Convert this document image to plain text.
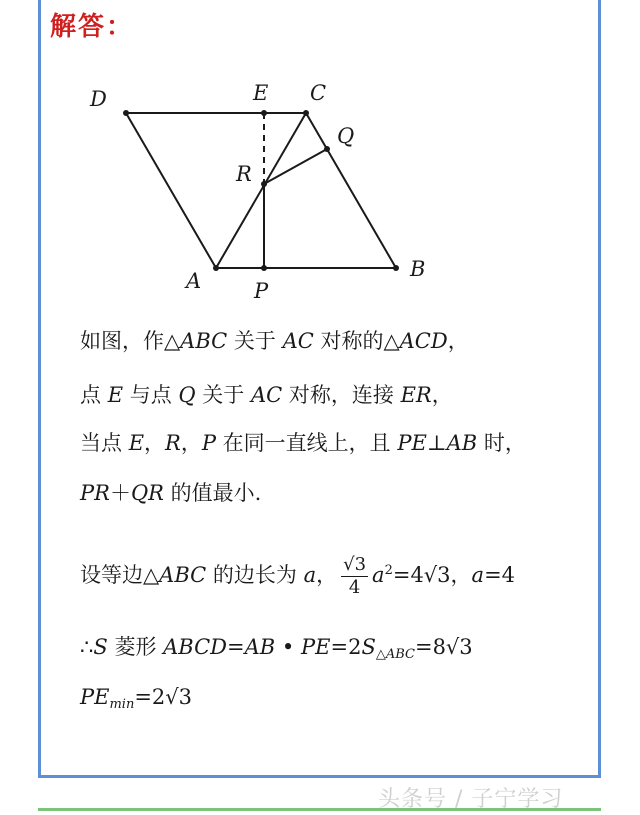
解答：
D	E C
Q
R
A	P
B
如图，作△ABC 关于 AC 对称的△ACD，
点 E 与点 Q 关于 AC 对称，连接 ER，
当点 E，R，P 在同一直线上，且 PE⊥AB 时，
PR＋QR 的值最小.
设等边△ABC 的边长为 a， $\frac{√3}{4} a^2=4√3$，a=4
∴S 菱形 ABCD=AB • $PE=2S_{\triangle ABC}=8√3$
$PE_{min}=2√3$
头条号 / 子宁学习
